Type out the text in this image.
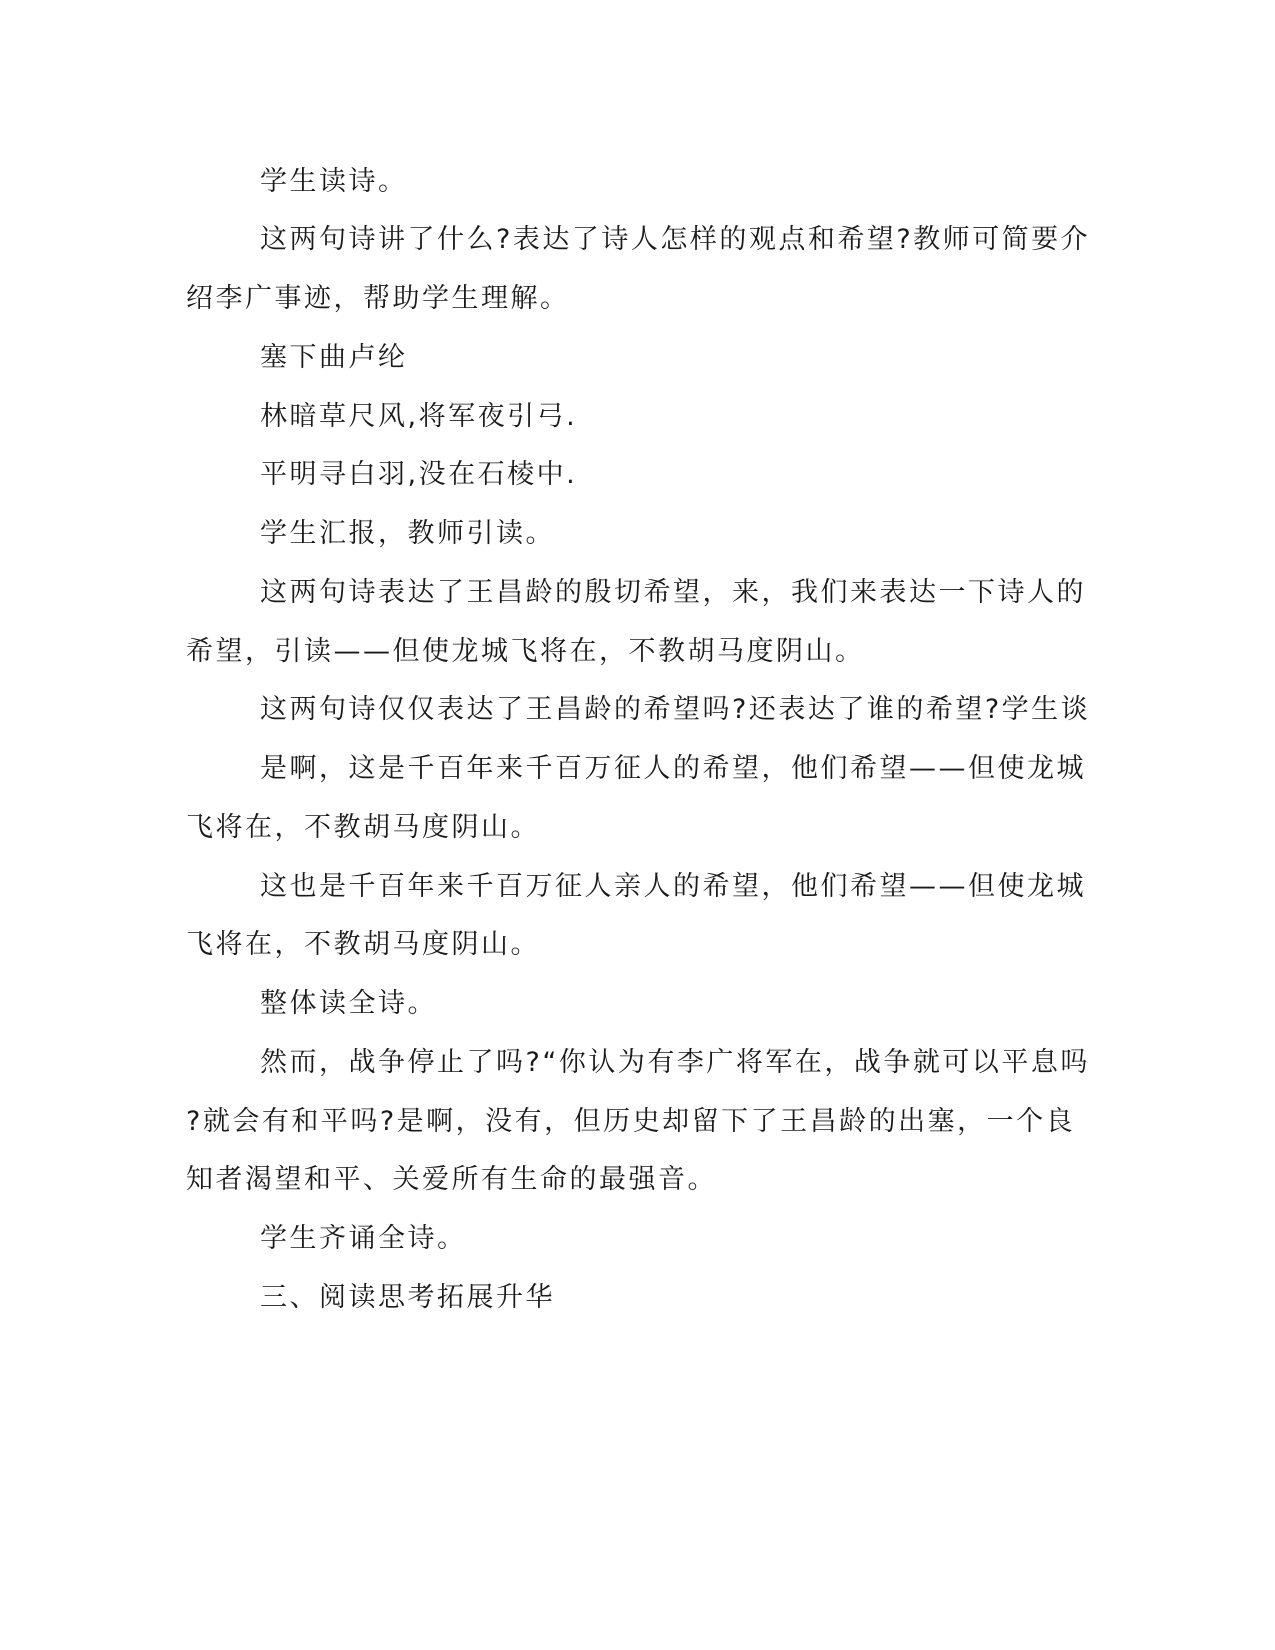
学生读诗。
这两句诗讲了什么?表达了诗人怎样的观点和希望?教师可简要介
绍李广事迹，帮助学生理解。
塞下曲卢纶
林暗草尺风,将军夜引弓.
平明寻白羽,没在石棱中.
学生汇报，教师引读。
这两句诗表达了王昌龄的殷切希望，来，我们来表达一下诗人的
希望，引读——但使龙城飞将在，不教胡马度阴山。
这两句诗仅仅表达了王昌龄的希望吗?还表达了谁的希望?学生谈
是啊，这是千百年来千百万征人的希望，他们希望——但使龙城
飞将在，不教胡马度阴山。
这也是千百年来千百万征人亲人的希望，他们希望——但使龙城
飞将在，不教胡马度阴山。
整体读全诗。
然而，战争停止了吗?“你认为有李广将军在，战争就可以平息吗
?就会有和平吗?是啊，没有，但历史却留下了王昌龄的出塞，一个良
知者渴望和平、关爱所有生命的最强音。
学生齐诵全诗。
三、阅读思考拓展升华
